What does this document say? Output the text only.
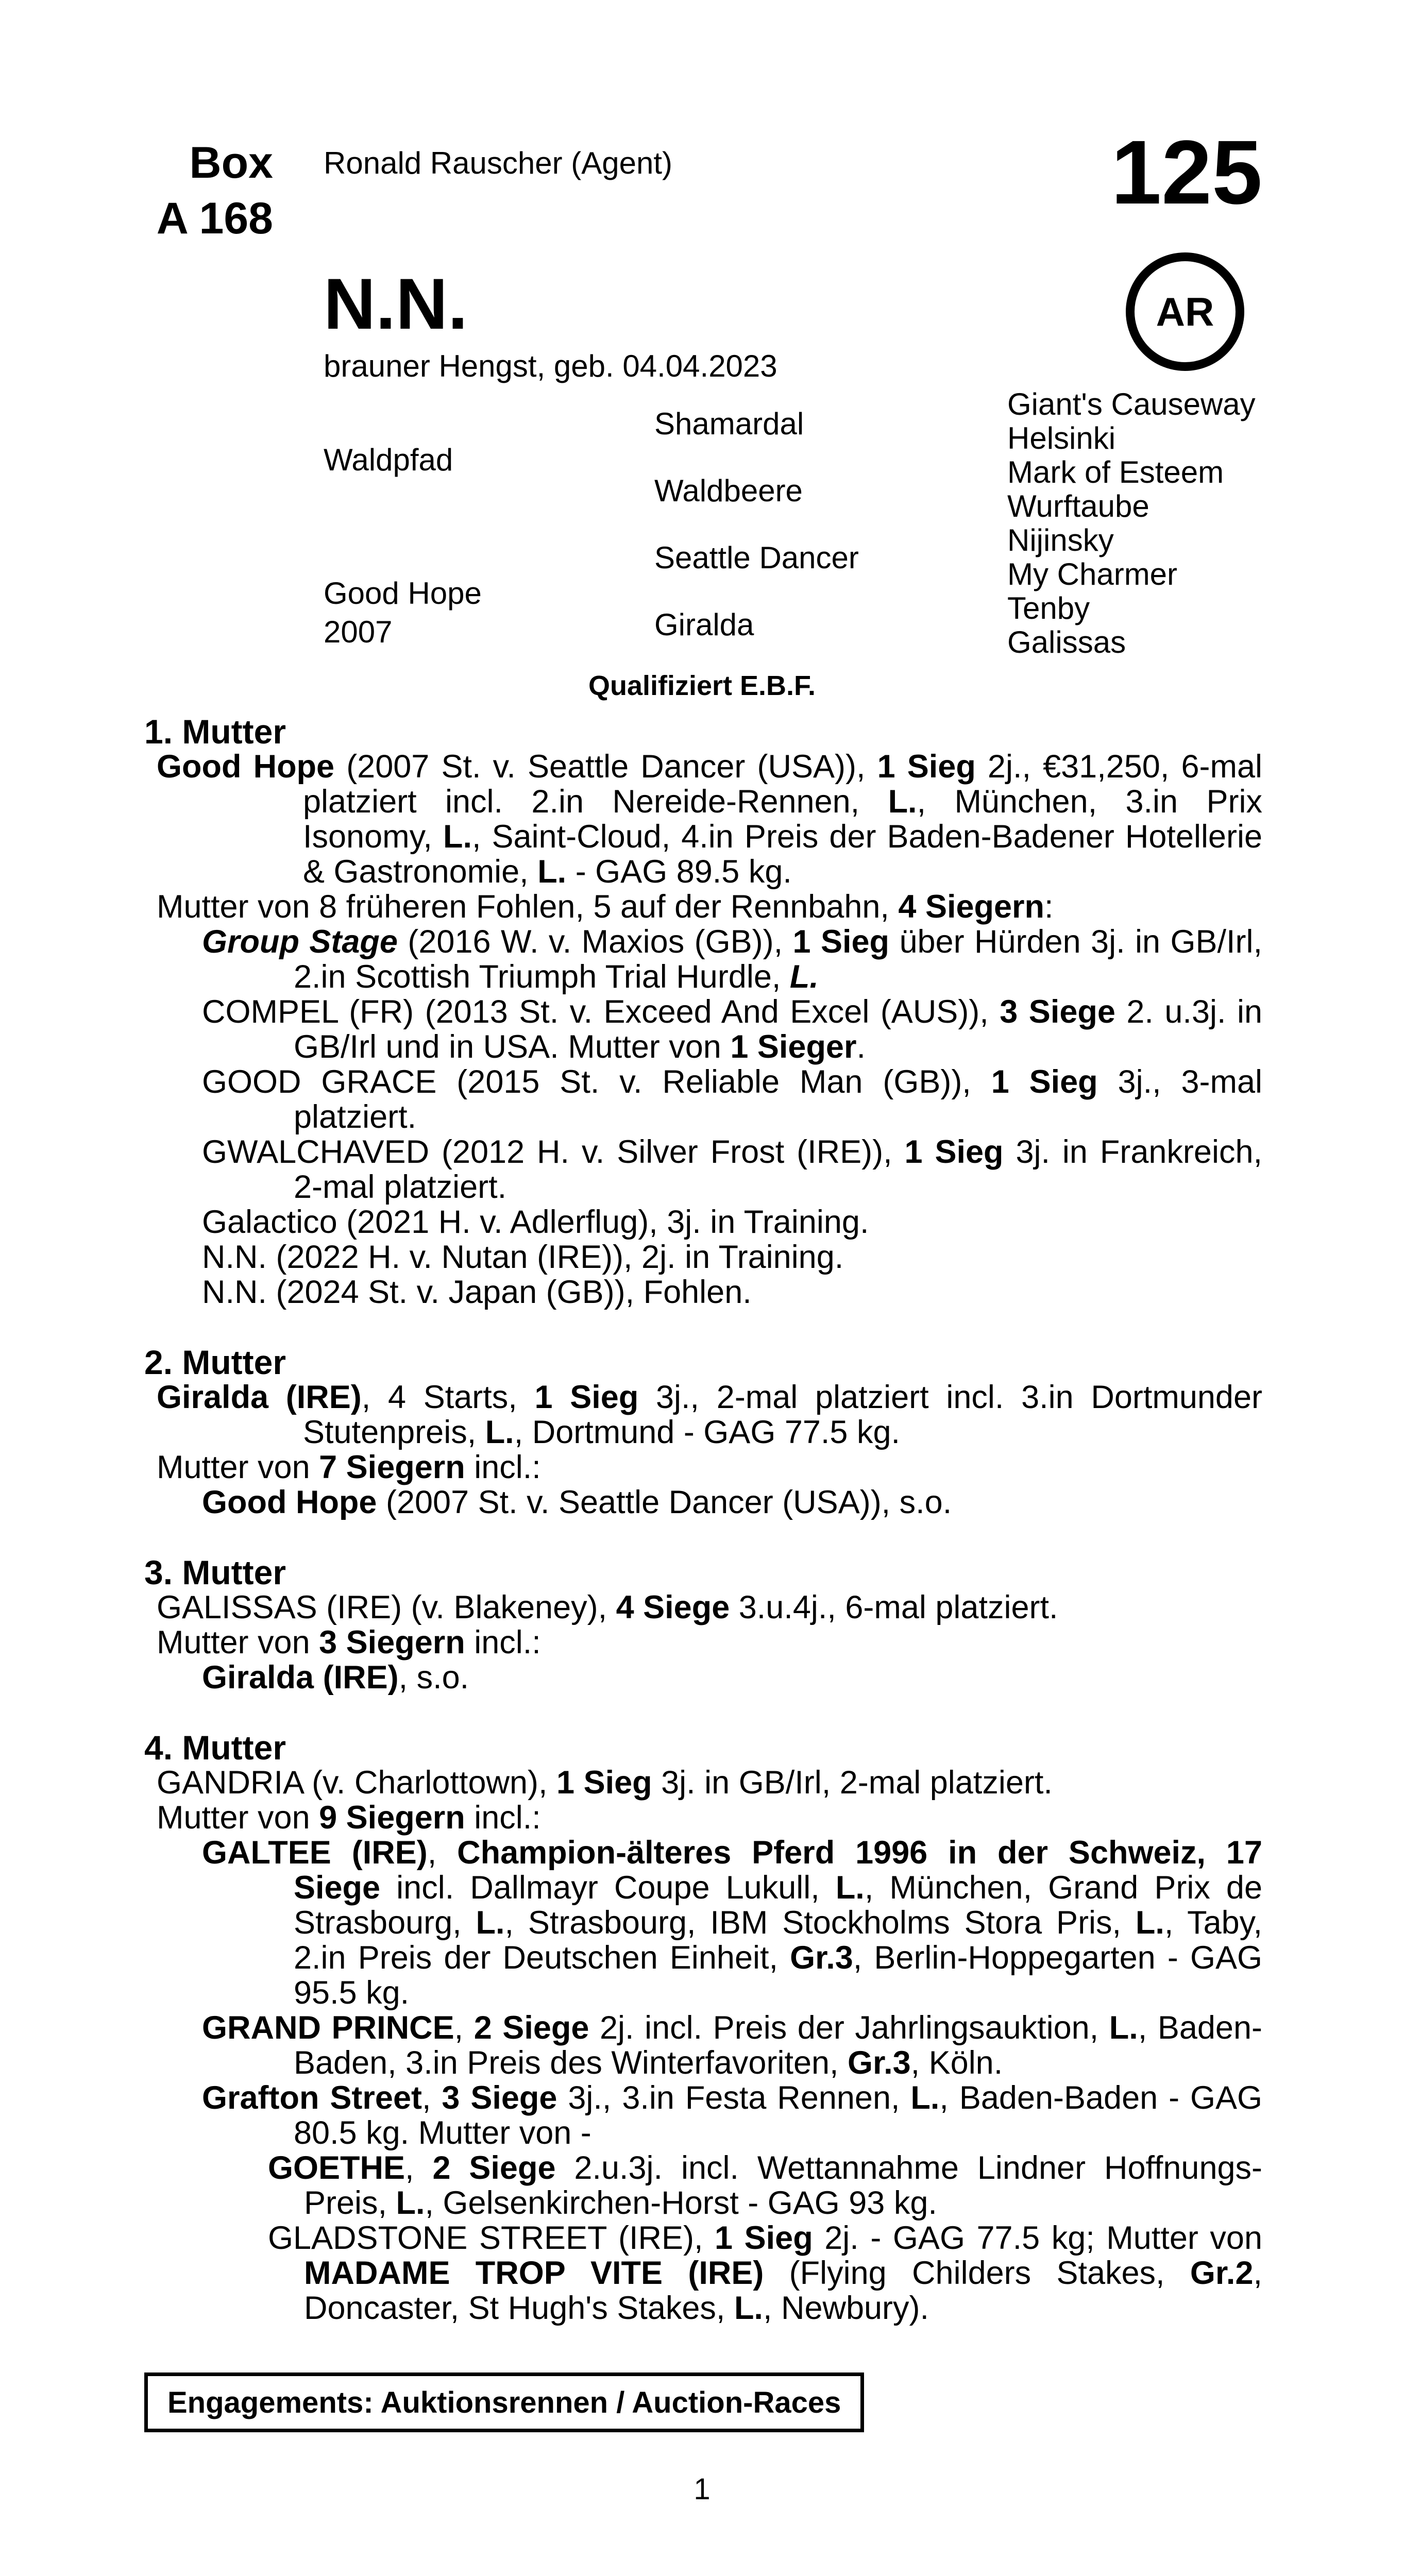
Box
A 168
Ronald Rauscher (Agent)	125
AR
N.N.
brauner Hengst, geb. 04.04.2023
Waldpfad
Good Hope
2007
Shamardal
Waldbeere
Seattle Dancer
Giralda
Giant's Causeway
Helsinki
Mark of Esteem
Wurftaube
Nijinsky
My Charmer
Tenby
Galissas
Qualifiziert E.B.F.
1. Mutter
Good Hope (2007 St. v. Seattle Dancer (USA)), 1 Sieg 2j., €31,250, 6-mal platziert incl. 2.in Nereide-Rennen, L., München, 3.in Prix Isonomy, L., Saint-Cloud, 4.in Preis der Baden-Badener Hotellerie & Gastronomie, L. - GAG 89.5 kg.
Mutter von 8 früheren Fohlen, 5 auf der Rennbahn, 4 Siegern:
Group Stage (2016 W. v. Maxios (GB)), 1 Sieg über Hürden 3j. in GB/Irl, 2.in Scottish Triumph Trial Hurdle, L.
COMPEL (FR) (2013 St. v. Exceed And Excel (AUS)), 3 Siege 2. u.3j. in GB/Irl und in USA. Mutter von 1 Sieger.
GOOD GRACE (2015 St. v. Reliable Man (GB)), 1 Sieg 3j., 3-mal platziert.
GWALCHAVED (2012 H. v. Silver Frost (IRE)), 1 Sieg 3j. in Frankreich, 2-mal platziert.
Galactico (2021 H. v. Adlerflug), 3j. in Training.
N.N. (2022 H. v. Nutan (IRE)), 2j. in Training.
N.N. (2024 St. v. Japan (GB)), Fohlen.
2. Mutter
Giralda (IRE), 4 Starts, 1 Sieg 3j., 2-mal platziert incl. 3.in Dortmunder Stutenpreis, L., Dortmund - GAG 77.5 kg.
Mutter von 7 Siegern incl.:
Good Hope (2007 St. v. Seattle Dancer (USA)), s.o.
3. Mutter
GALISSAS (IRE) (v. Blakeney), 4 Siege 3.u.4j., 6-mal platziert.
Mutter von 3 Siegern incl.:
Giralda (IRE), s.o.
4. Mutter
GANDRIA (v. Charlottown), 1 Sieg 3j. in GB/Irl, 2-mal platziert.
Mutter von 9 Siegern incl.:
GALTEE (IRE), Champion-älteres Pferd 1996 in der Schweiz, 17 Siege incl. Dallmayr Coupe Lukull, L., München, Grand Prix de Strasbourg, L., Strasbourg, IBM Stockholms Stora Pris, L., Taby, 2.in Preis der Deutschen Einheit, Gr.3, Berlin-Hoppegarten - GAG 95.5 kg.
GRAND PRINCE, 2 Siege 2j. incl. Preis der Jahrlingsauktion, L., Baden-Baden, 3.in Preis des Winterfavoriten, Gr.3, Köln.
Grafton Street, 3 Siege 3j., 3.in Festa Rennen, L., Baden-Baden - GAG 80.5 kg. Mutter von -
GOETHE, 2 Siege 2.u.3j. incl. Wettannahme Lindner Hoffnungs-Preis, L., Gelsenkirchen-Horst - GAG 93 kg.
GLADSTONE STREET (IRE), 1 Sieg 2j. - GAG 77.5 kg; Mutter von MADAME TROP VITE (IRE) (Flying Childers Stakes, Gr.2, Doncaster, St Hugh's Stakes, L., Newbury).
Engagements: Auktionsrennen / Auction-Races
1
